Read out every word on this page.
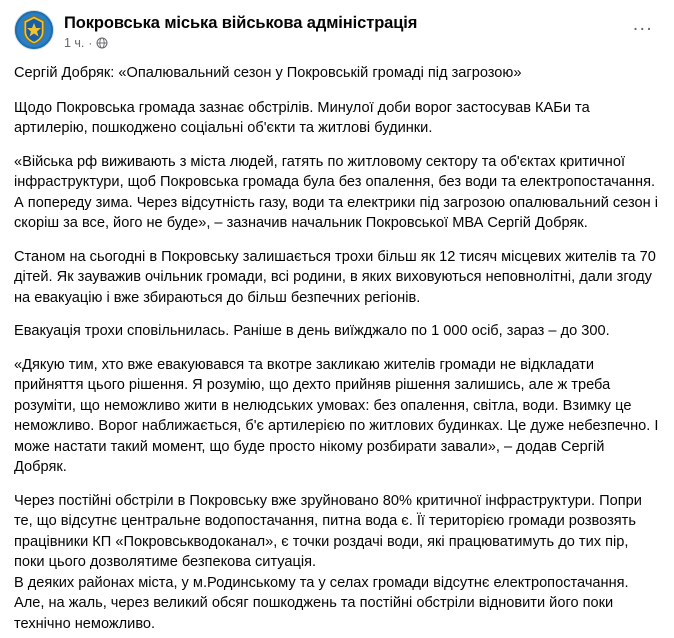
Покровська міська військова адміністрація
1 ч. ·
...

Сергій Добряк: «Опалювальний сезон у Покровській громаді під загрозою»

Щодо Покровська громада зазнає обстрілів. Минулої доби ворог застосував КАБи та артилерію, пошкоджено соціальні об'єкти та житлові будинки.

«Війська рф виживають з міста людей, гатять по житловому сектору та об'єктах критичної інфраструктури, щоб Покровська громада була без опалення, без води та електропостачання. А попереду зима. Через відсутність газу, води та електрики під загрозою опалювальний сезон і скоріш за все, його не буде», – зазначив начальник Покровської МВА Сергій Добряк.

Станом на сьогодні в Покровську залишається трохи більш як 12 тисяч місцевих жителів та 70 дітей. Як зауважив очільник громади, всі родини, в яких виховуються неповнолітні, дали згоду на евакуацію і вже збираються до більш безпечних регіонів.

Евакуація трохи сповільнилась. Раніше в день виїжджало по 1 000 осіб, зараз – до 300.

«Дякую тим, хто вже евакуювався та вкотре закликаю жителів громади не відкладати прийняття цього рішення. Я розумію, що дехто прийняв рішення залишись, але ж треба розуміти, що неможливо жити в нелюдських умовах: без опалення, світла, води. Взимку це неможливо. Ворог наближається, б'є артилерією по житлових будинках. Це дуже небезпечно. І може настати такий момент, що буде просто нікому розбирати завали», – додав Сергій Добряк.

Через постійні обстріли в Покровську вже зруйновано 80% критичної інфраструктури. Попри те, що відсутнє центральне водопостачання, питна вода є. Її територією громади розвозять працівники КП «Покровськводоканал», є точки роздачі води, які працюватимуть до тих пір, поки цього дозволятиме безпекова ситуація.

В деяких районах міста, у м.Родинському та у селах громади відсутнє електропостачання. Але, на жаль, через великий обсяг пошкоджень та постійні обстріли відновити його поки технічно неможливо.
